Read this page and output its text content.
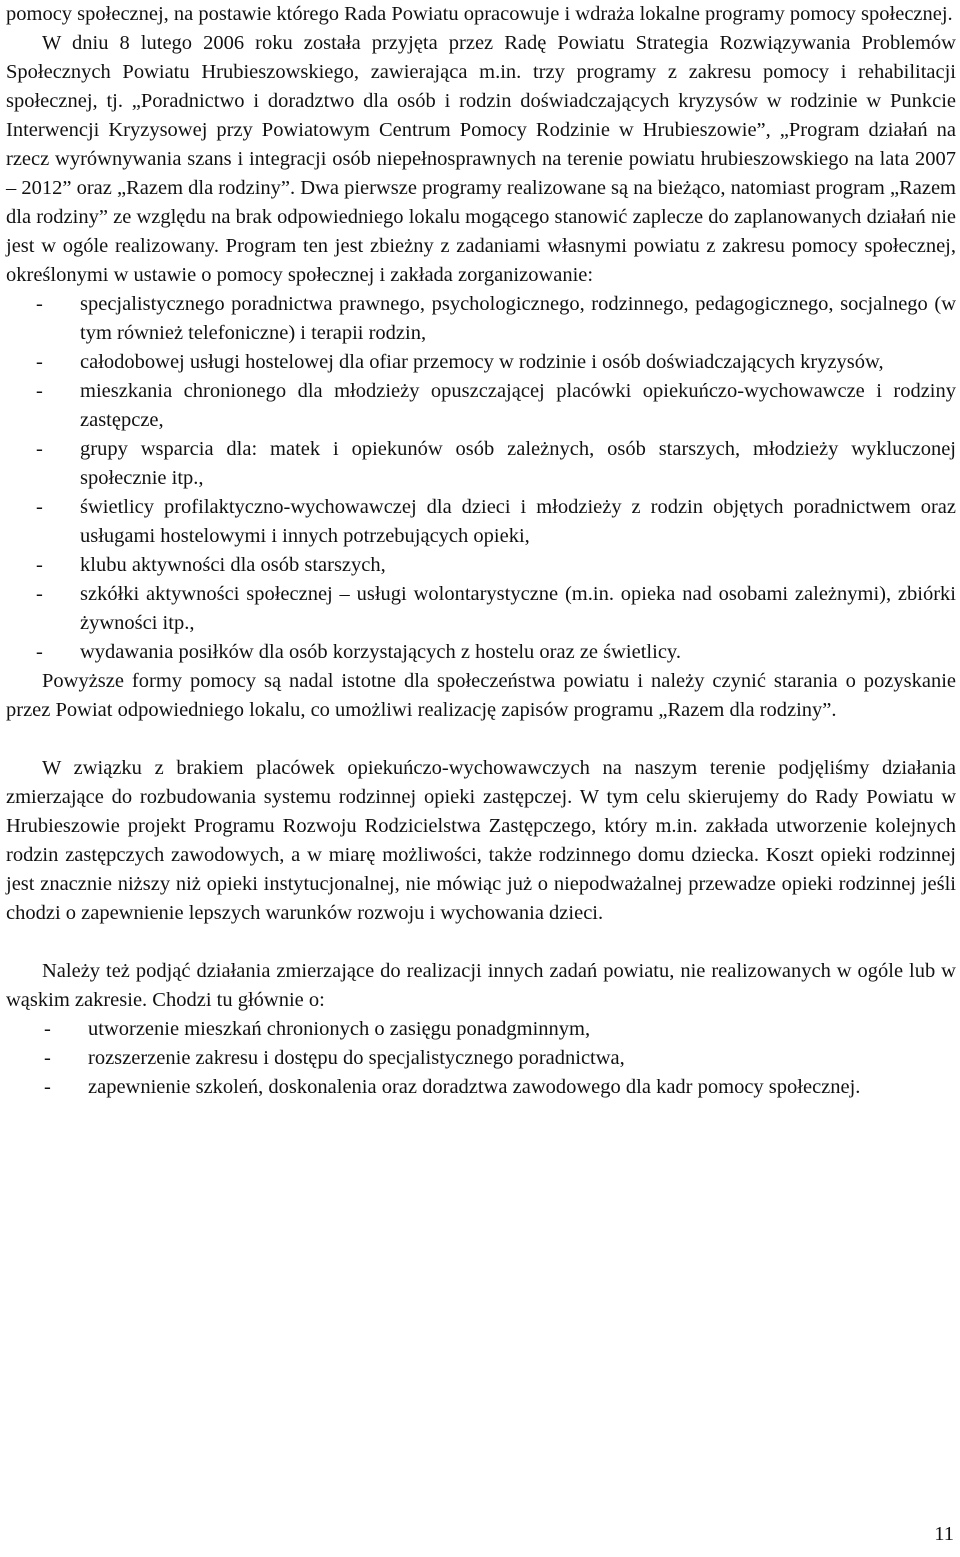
pomocy społecznej, na postawie którego Rada Powiatu opracowuje i wdraża lokalne programy pomocy społecznej.

W dniu 8 lutego 2006 roku została przyjęta przez Radę Powiatu Strategia Rozwiązywania Problemów Społecznych Powiatu Hrubieszowskiego, zawierająca m.in. trzy programy z zakresu pomocy i rehabilitacji społecznej, tj. „Poradnictwo i doradztwo dla osób i rodzin doświadczających kryzysów w rodzinie w Punkcie Interwencji Kryzysowej przy Powiatowym Centrum Pomocy Rodzinie w Hrubieszowie”, „Program działań na rzecz wyrównywania szans i integracji osób niepełnosprawnych na terenie powiatu hrubieszowskiego na lata 2007 – 2012” oraz „Razem dla rodziny”. Dwa pierwsze programy realizowane są na bieżąco, natomiast program „Razem dla rodziny” ze względu na brak odpowiedniego lokalu mogącego stanowić zaplecze do zaplanowanych działań nie jest w ogóle realizowany. Program ten jest zbieżny z zadaniami własnymi powiatu z zakresu pomocy społecznej, określonymi w ustawie o pomocy społecznej i zakłada zorganizowanie:

- specjalistycznego poradnictwa prawnego, psychologicznego, rodzinnego, pedagogicznego, socjalnego (w tym również telefoniczne) i terapii rodzin,
- całodobowej usługi hostelowej dla ofiar przemocy w rodzinie i osób doświadczających kryzysów,
- mieszkania chronionego dla młodzieży opuszczającej placówki opiekuńczo-wychowawcze i rodziny zastępcze,
- grupy wsparcia dla: matek i opiekunów osób zależnych, osób starszych, młodzieży wykluczonej społecznie itp.,
- świetlicy profilaktyczno-wychowawczej dla dzieci i młodzieży z rodzin objętych poradnictwem oraz usługami hostelowymi i innych potrzebujących opieki,
- klubu aktywności dla osób starszych,
- szkółki aktywności społecznej – usługi wolontarystyczne (m.in. opieka nad osobami zależnymi), zbiórki żywności itp.,
- wydawania posiłków dla osób korzystających z hostelu oraz ze świetlicy.

Powyższe formy pomocy są nadal istotne dla społeczeństwa powiatu i należy czynić starania o pozyskanie przez Powiat odpowiedniego lokalu, co umożliwi realizację zapisów programu „Razem dla rodziny”.

W związku z brakiem placówek opiekuńczo-wychowawczych na naszym terenie podjęliśmy działania zmierzające do rozbudowania systemu rodzinnej opieki zastępczej. W tym celu skierujemy do Rady Powiatu w Hrubieszowie projekt Programu Rozwoju Rodzicielstwa Zastępczego, który m.in. zakłada utworzenie kolejnych rodzin zastępczych zawodowych, a w miarę możliwości, także rodzinnego domu dziecka. Koszt opieki rodzinnej jest znacznie niższy niż opieki instytucjonalnej, nie mówiąc już o niepodważalnej przewadze opieki rodzinnej jeśli chodzi o zapewnienie lepszych warunków rozwoju i wychowania dzieci.

Należy też podjąć działania zmierzające do realizacji innych zadań powiatu, nie realizowanych w ogóle lub w wąskim zakresie. Chodzi tu głównie o:

- utworzenie mieszkań chronionych o zasięgu ponadgminnym,
- rozszerzenie zakresu i dostępu do specjalistycznego poradnictwa,
- zapewnienie szkoleń, doskonalenia oraz doradztwa zawodowego dla kadr pomocy społecznej.
11
